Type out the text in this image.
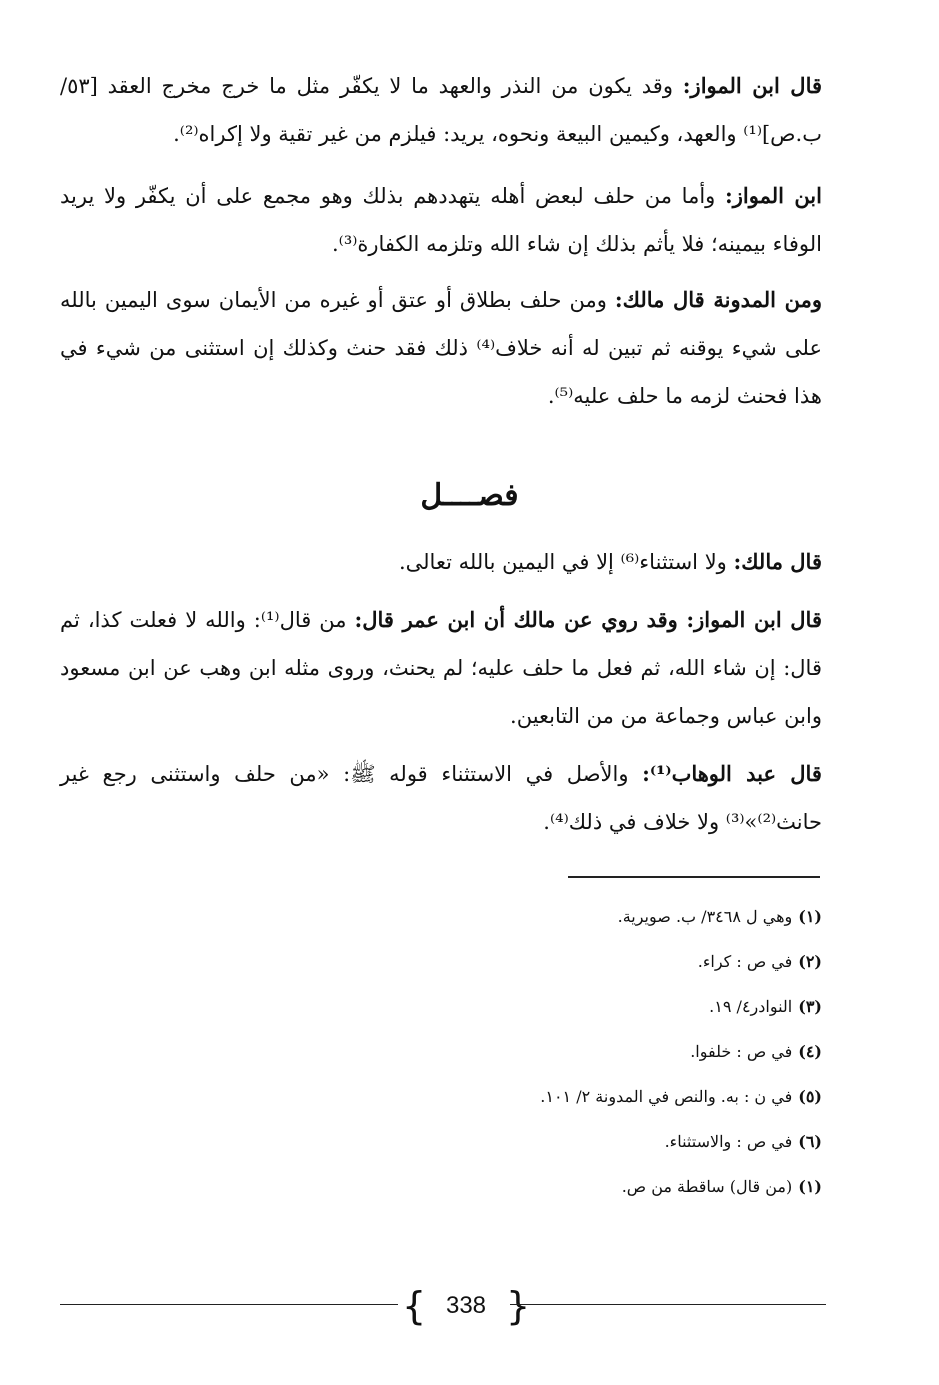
قال ابن المواز: وقد يكون من النذر والعهد ما لا يكفّر مثل ما خرج مخرج العقد [٥٣/ب.ص]⁽¹⁾ والعهد، وكيمين البيعة ونحوه، يريد: فيلزم من غير تقية ولا إكراه⁽²⁾.
ابن المواز: وأما من حلف لبعض أهله يتهددهم بذلك وهو مجمع على أن يكفّر ولا يريد الوفاء بيمينه؛ فلا يأثم بذلك إن شاء الله وتلزمه الكفارة⁽³⁾.
ومن المدونة قال مالك: ومن حلف بطلاق أو عتق أو غيره من الأيمان سوى اليمين بالله على شيء يوقنه ثم تبين له أنه خلاف⁽⁴⁾ ذلك فقد حنث وكذلك إن استثنى من شيء في هذا فحنث لزمه ما حلف عليه⁽⁵⁾.
فصــــل
قال مالك: ولا استثناء⁽⁶⁾ إلا في اليمين بالله تعالى.
قال ابن المواز: وقد روي عن مالك أن ابن عمر قال: من قال⁽¹⁾: والله لا فعلت كذا، ثم قال: إن شاء الله، ثم فعل ما حلف عليه؛ لم يحنث، وروى مثله ابن وهب عن ابن مسعود وابن عباس وجماعة من من التابعين.
قال عبد الوهاب⁽¹⁾: والأصل في الاستثناء قوله ﷺ: «من حلف واستثنى رجع غير حانث⁽²⁾»⁽³⁾ ولا خلاف في ذلك⁽⁴⁾.
(١)وهي ل ٣٤٦٨/ ب. صويرية.
(٢)في ص : كراء.
(٣)النوادر٤/ ١٩.
(٤)في ص : خلفوا.
(٥)في ن : به. والنص في المدونة ٢/ ١٠١.
(٦)في ص : والاستثناء.
(١)(من قال) ساقطة من ص.
{ 338 }
